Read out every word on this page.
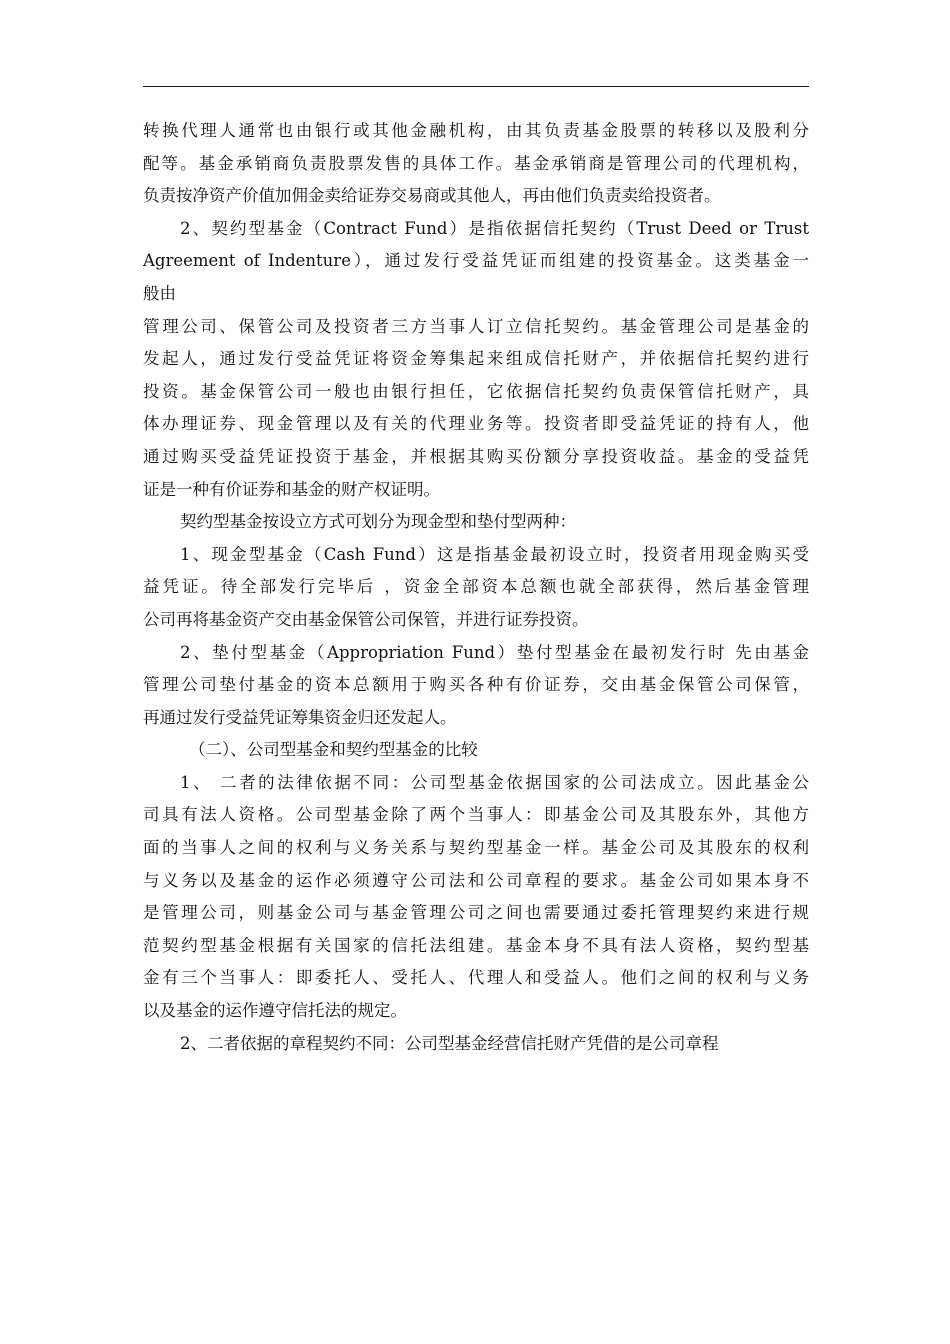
转换代理人通常也由银行或其他金融机构，由其负责基金股票的转移以及股利分
配等。基金承销商负责股票发售的具体工作。基金承销商是管理公司的代理机构，
负责按净资产价值加佣金卖给证券交易商或其他人，再由他们负责卖给投资者。
2、契约型基金（Contract Fund）是指依据信托契约（Trust Deed or Trust
Agreement of Indenture），通过发行受益凭证而组建的投资基金。这类基金一
般由
管理公司、保管公司及投资者三方当事人订立信托契约。基金管理公司是基金的
发起人，通过发行受益凭证将资金筹集起来组成信托财产，并依据信托契约进行
投资。基金保管公司一般也由银行担任，它依据信托契约负责保管信托财产，具
体办理证券、现金管理以及有关的代理业务等。投资者即受益凭证的持有人，他
通过购买受益凭证投资于基金，并根据其购买份额分享投资收益。基金的受益凭
证是一种有价证券和基金的财产权证明。
契约型基金按设立方式可划分为现金型和垫付型两种：
1、现金型基金（Cash Fund）这是指基金最初设立时，投资者用现金购买受
益凭证。待全部发行完毕后 ，资金全部资本总额也就全部获得，然后基金管理
公司再将基金资产交由基金保管公司保管，并进行证券投资。
2、垫付型基金（Appropriation Fund）垫付型基金在最初发行时 先由基金
管理公司垫付基金的资本总额用于购买各种有价证券，交由基金保管公司保管，
再通过发行受益凭证筹集资金归还发起人。
（二）、公司型基金和契约型基金的比较
1、 二者的法律依据不同：公司型基金依据国家的公司法成立。因此基金公
司具有法人资格。公司型基金除了两个当事人：即基金公司及其股东外，其他方
面的当事人之间的权利与义务关系与契约型基金一样。基金公司及其股东的权利
与义务以及基金的运作必须遵守公司法和公司章程的要求。基金公司如果本身不
是管理公司，则基金公司与基金管理公司之间也需要通过委托管理契约来进行规
范契约型基金根据有关国家的信托法组建。基金本身不具有法人资格，契约型基
金有三个当事人：即委托人、受托人、代理人和受益人。他们之间的权利与义务
以及基金的运作遵守信托法的规定。
2、二者依据的章程契约不同：公司型基金经营信托财产凭借的是公司章程
